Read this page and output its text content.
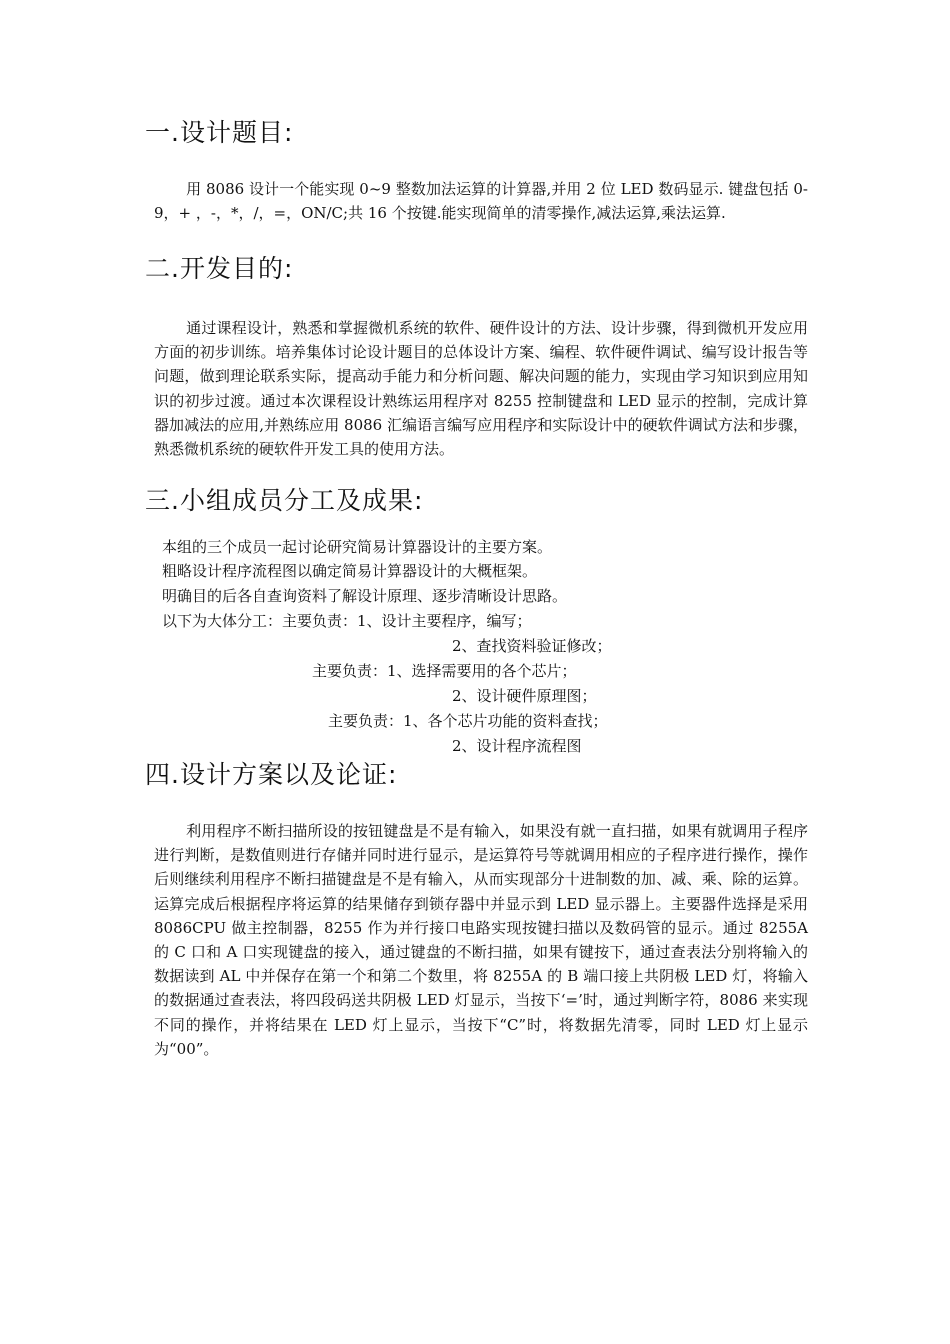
一.设计题目:

用 8086 设计一个能实现 0~9 整数加法运算的计算器,并用 2 位 LED 数码显示. 键盘包括 0-9，+ ，-，*，/，=，ON/C;共 16 个按键.能实现简单的清零操作,减法运算,乘法运算.

二.开发目的:

通过课程设计，熟悉和掌握微机系统的软件、硬件设计的方法、设计步骤，得到微机开发应用方面的初步训练。培养集体讨论设计题目的总体设计方案、编程、软件硬件调试、编写设计报告等问题，做到理论联系实际，提高动手能力和分析问题、解决问题的能力，实现由学习知识到应用知识的初步过渡。通过本次课程设计熟练运用程序对 8255 控制键盘和 LED 显示的控制，完成计算器加减法的应用,并熟练应用 8086 汇编语言编写应用程序和实际设计中的硬软件调试方法和步骤，熟悉微机系统的硬软件开发工具的使用方法。

三.小组成员分工及成果:

本组的三个成员一起讨论研究简易计算器设计的主要方案。

粗略设计程序流程图以确定简易计算器设计的大概框架。

明确目的后各自查询资料了解设计原理、逐步清晰设计思路。

以下为大体分工：主要负责：1、设计主要程序，编写；

2、查找资料验证修改；

主要负责：1、选择需要用的各个芯片；

2、设计硬件原理图；

主要负责：1、各个芯片功能的资料查找；

2、设计程序流程图

四.设计方案以及论证:

利用程序不断扫描所设的按钮键盘是不是有输入，如果没有就一直扫描，如果有就调用子程序进行判断，是数值则进行存储并同时进行显示，是运算符号等就调用相应的子程序进行操作，操作后则继续利用程序不断扫描键盘是不是有输入，从而实现部分十进制数的加、减、乘、除的运算。运算完成后根据程序将运算的结果储存到锁存器中并显示到 LED 显示器上。主要器件选择是采用 8086CPU 做主控制器，8255 作为并行接口电路实现按键扫描以及数码管的显示。通过 8255A 的 C 口和 A 口实现键盘的接入，通过键盘的不断扫描，如果有键按下，通过查表法分别将输入的数据读到 AL 中并保存在第一个和第二个数里，将 8255A 的 B 端口接上共阴极 LED 灯，将输入的数据通过查表法，将四段码送共阴极 LED 灯显示，当按下‘=’时，通过判断字符，8086 来实现不同的操作，并将结果在 LED 灯上显示，当按下“C”时，将数据先清零，同时 LED 灯上显示为“00”。
